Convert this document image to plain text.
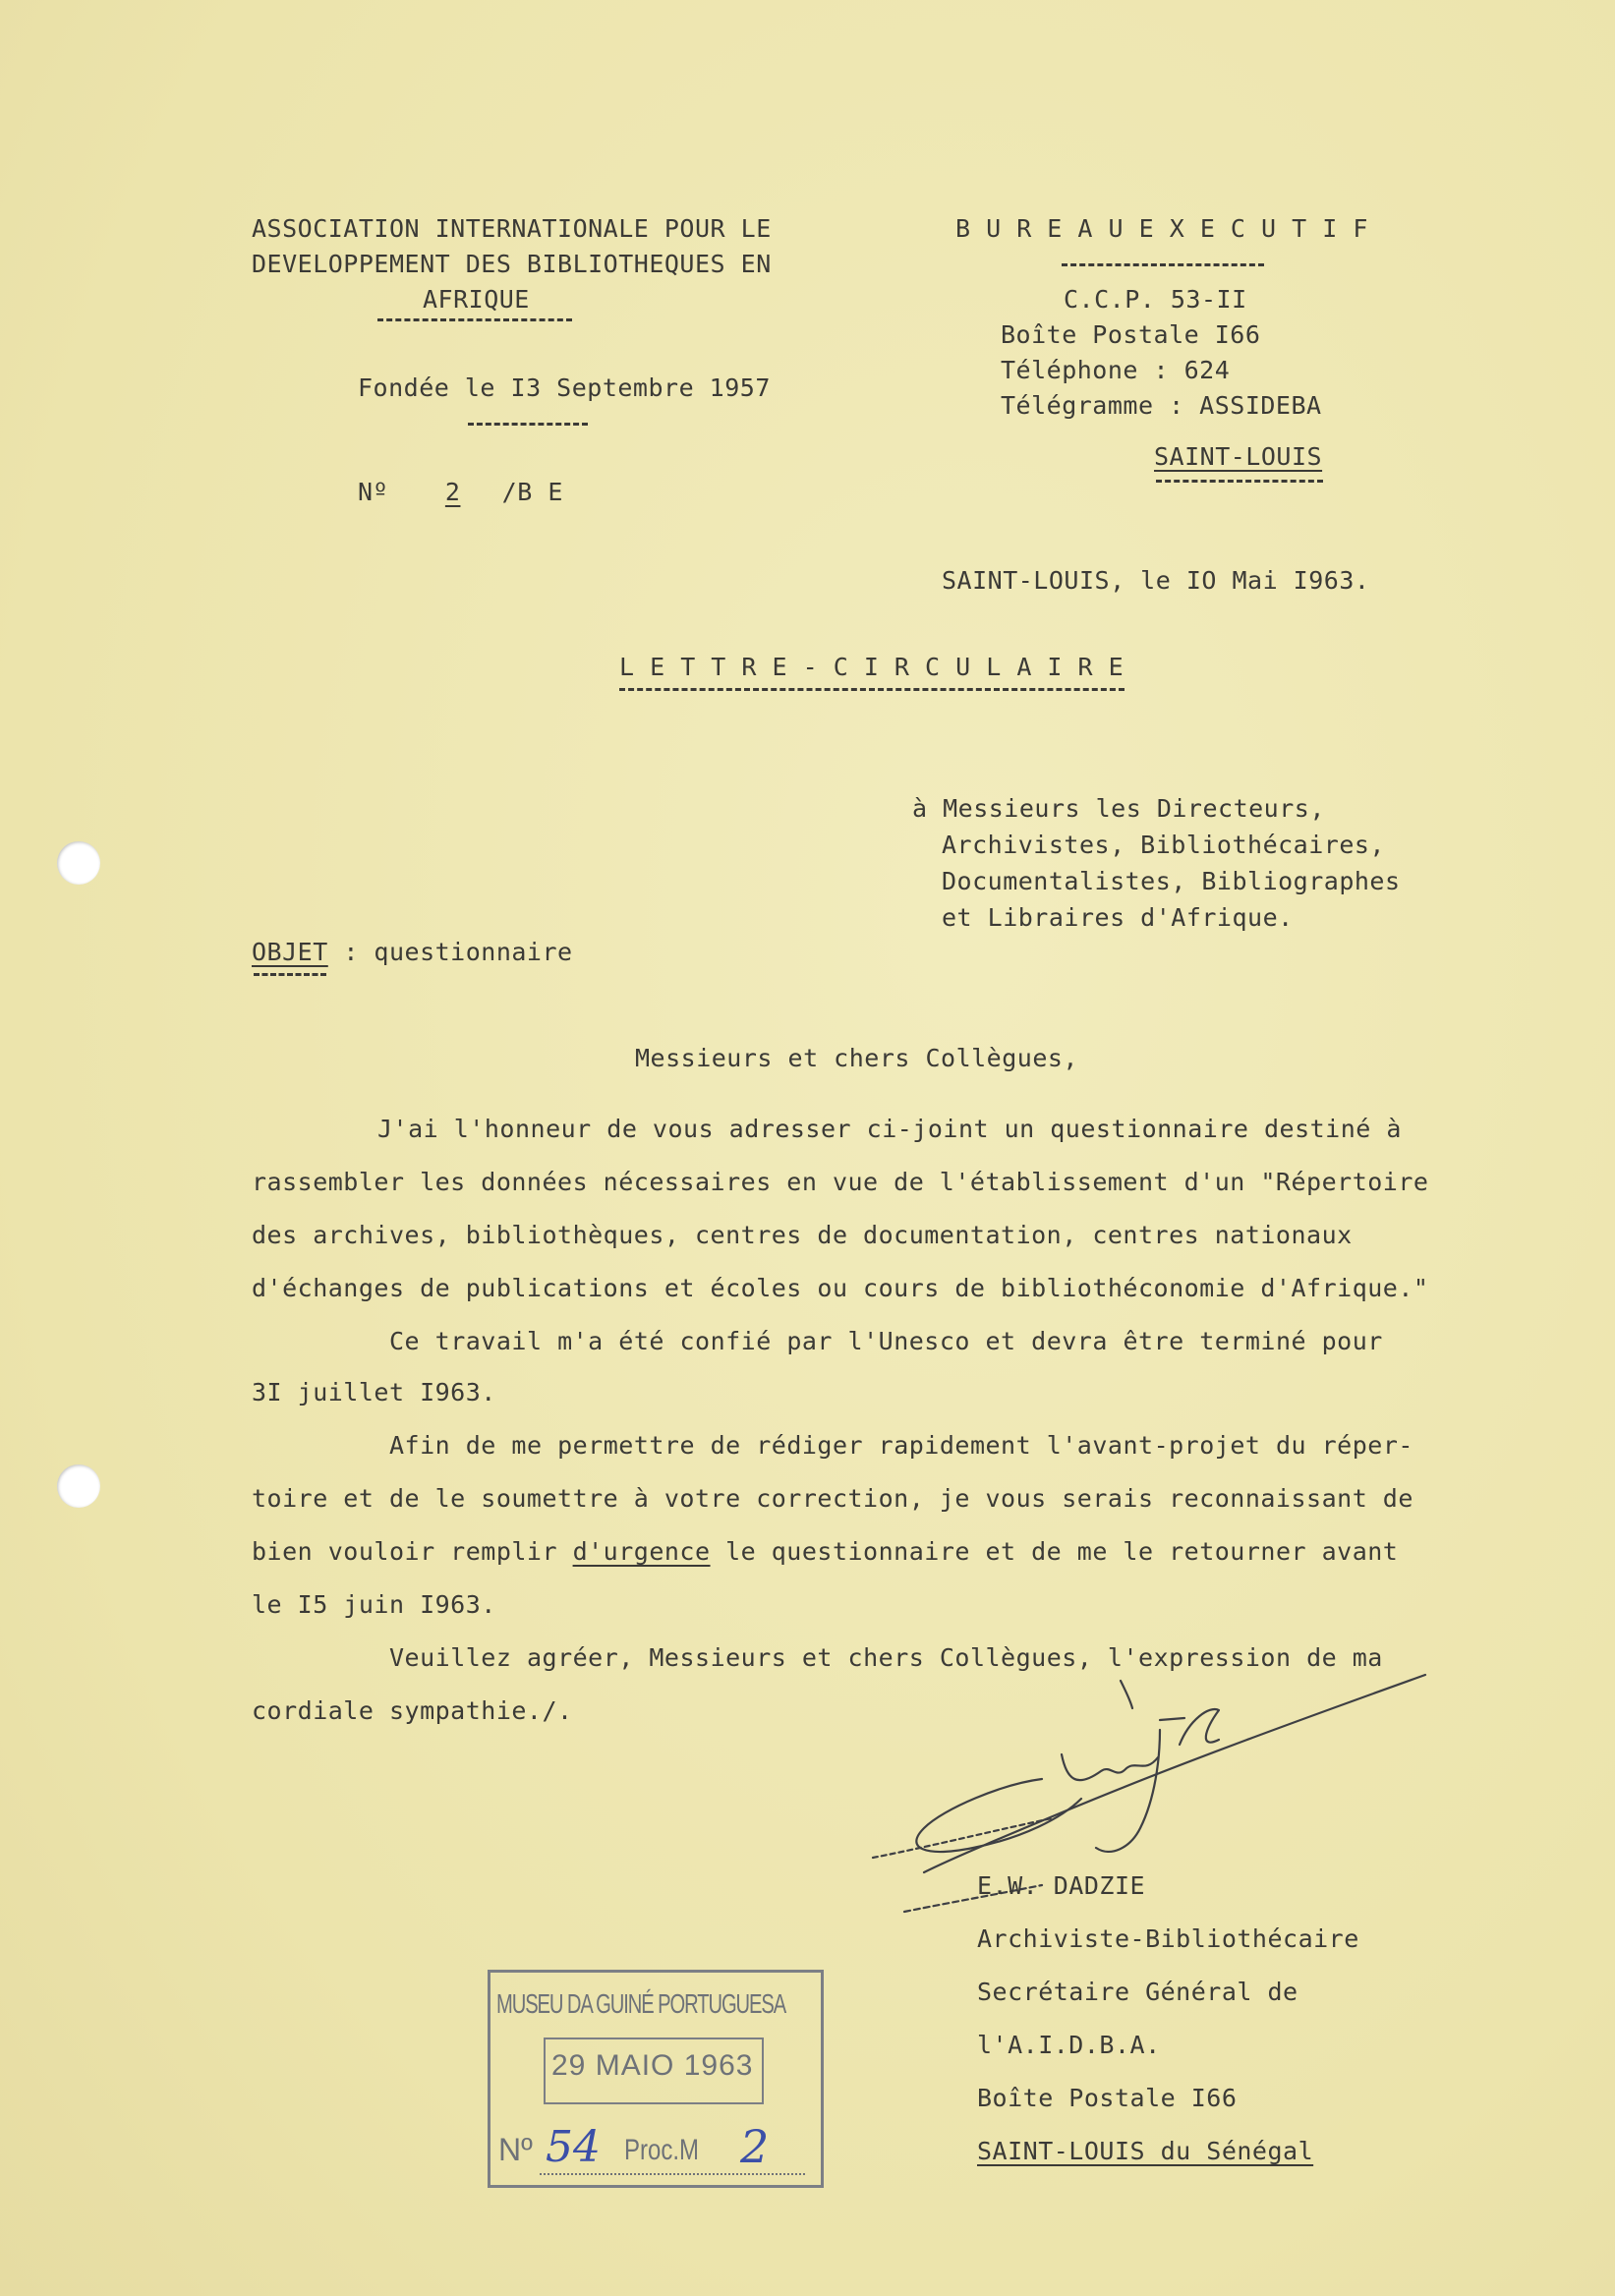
ASSOCIATION INTERNATIONALE POUR LE
DEVELOPPEMENT DES BIBLIOTHEQUES EN
AFRIQUE
Fondée le I3 Septembre 1957
Nº 2 /B E
B U R E A U E X E C U T I F
C.C.P. 53-II
Boîte Postale I66
Téléphone : 624
Télégramme : ASSIDEBA
SAINT-LOUIS
SAINT-LOUIS, le IO Mai I963.
L E T T R E - C I R C U L A I R E
à Messieurs les Directeurs,
Archivistes, Bibliothécaires,
Documentalistes, Bibliographes
et Libraires d'Afrique.
OBJET : questionnaire
Messieurs et chers Collègues,
J'ai l'honneur de vous adresser ci-joint un questionnaire destiné à
rassembler les données nécessaires en vue de l'établissement d'un "Répertoire
des archives, bibliothèques, centres de documentation, centres nationaux
d'échanges de publications et écoles ou cours de bibliothéconomie d'Afrique."
Ce travail m'a été confié par l'Unesco et devra être terminé pour
3I juillet I963.
Afin de me permettre de rédiger rapidement l'avant-projet du réper-
toire et de le soumettre à votre correction, je vous serais reconnaissant de
bien vouloir remplir d'urgence le questionnaire et de me le retourner avant
le I5 juin I963.
Veuillez agréer, Messieurs et chers Collègues, l'expression de ma
cordiale sympathie./.
E.W. DADZIE
Archiviste-Bibliothécaire
Secrétaire Général de
l'A.I.D.B.A.
Boîte Postale I66
SAINT-LOUIS du Sénégal
MUSEU DA GUINÉ PORTUGUESA
29 MAIO 1963
Nº 54 Proc.M 2
